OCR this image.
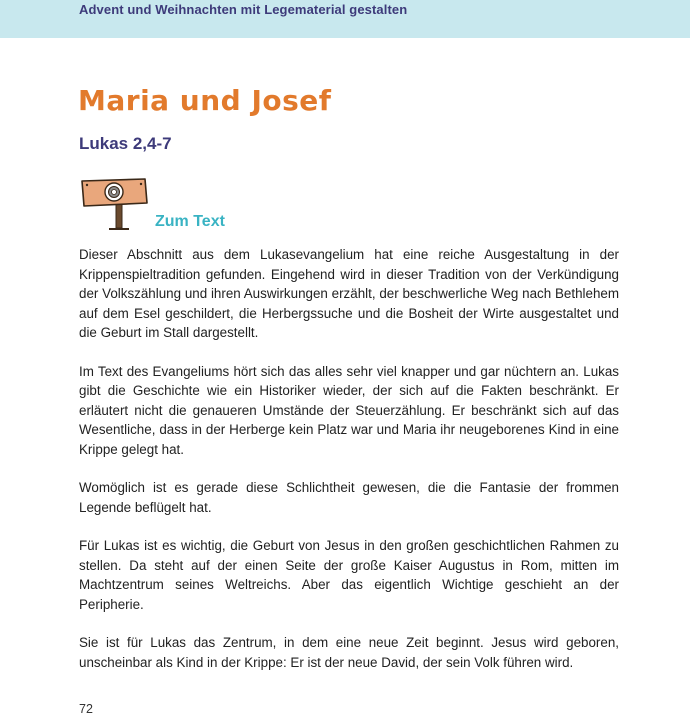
Advent und Weihnachten mit Legematerial gestalten
Maria und Josef
Lukas 2,4-7
Zum Text

Dieser Abschnitt aus dem Lukasevangelium hat eine reiche Ausgestaltung in der Krippenspieltradition gefunden. Eingehend wird in dieser Tradition von der Verkündigung der Volkszählung und ihren Auswirkungen erzählt, der beschwerliche Weg nach Bethlehem auf dem Esel geschildert, die Herbergssuche und die Bosheit der Wirte ausgestaltet und die Geburt im Stall dargestellt.

Im Text des Evangeliums hört sich das alles sehr viel knapper und gar nüchtern an. Lukas gibt die Geschichte wie ein Historiker wieder, der sich auf die Fakten beschränkt. Er erläutert nicht die genaueren Umstände der Steuerzählung. Er beschränkt sich auf das Wesentliche, dass in der Herberge kein Platz war und Maria ihr neugeborenes Kind in eine Krippe gelegt hat.

Womöglich ist es gerade diese Schlichtheit gewesen, die die Fantasie der frommen Legende beflügelt hat.

Für Lukas ist es wichtig, die Geburt von Jesus in den großen geschichtlichen Rahmen zu stellen. Da steht auf der einen Seite der große Kaiser Augustus in Rom, mitten im Machtzentrum seines Weltreichs. Aber das eigentlich Wichtige geschieht an der Peripherie.

Sie ist für Lukas das Zentrum, in dem eine neue Zeit beginnt. Jesus wird geboren, unscheinbar als Kind in der Krippe: Er ist der neue David, der sein Volk führen wird.

72
